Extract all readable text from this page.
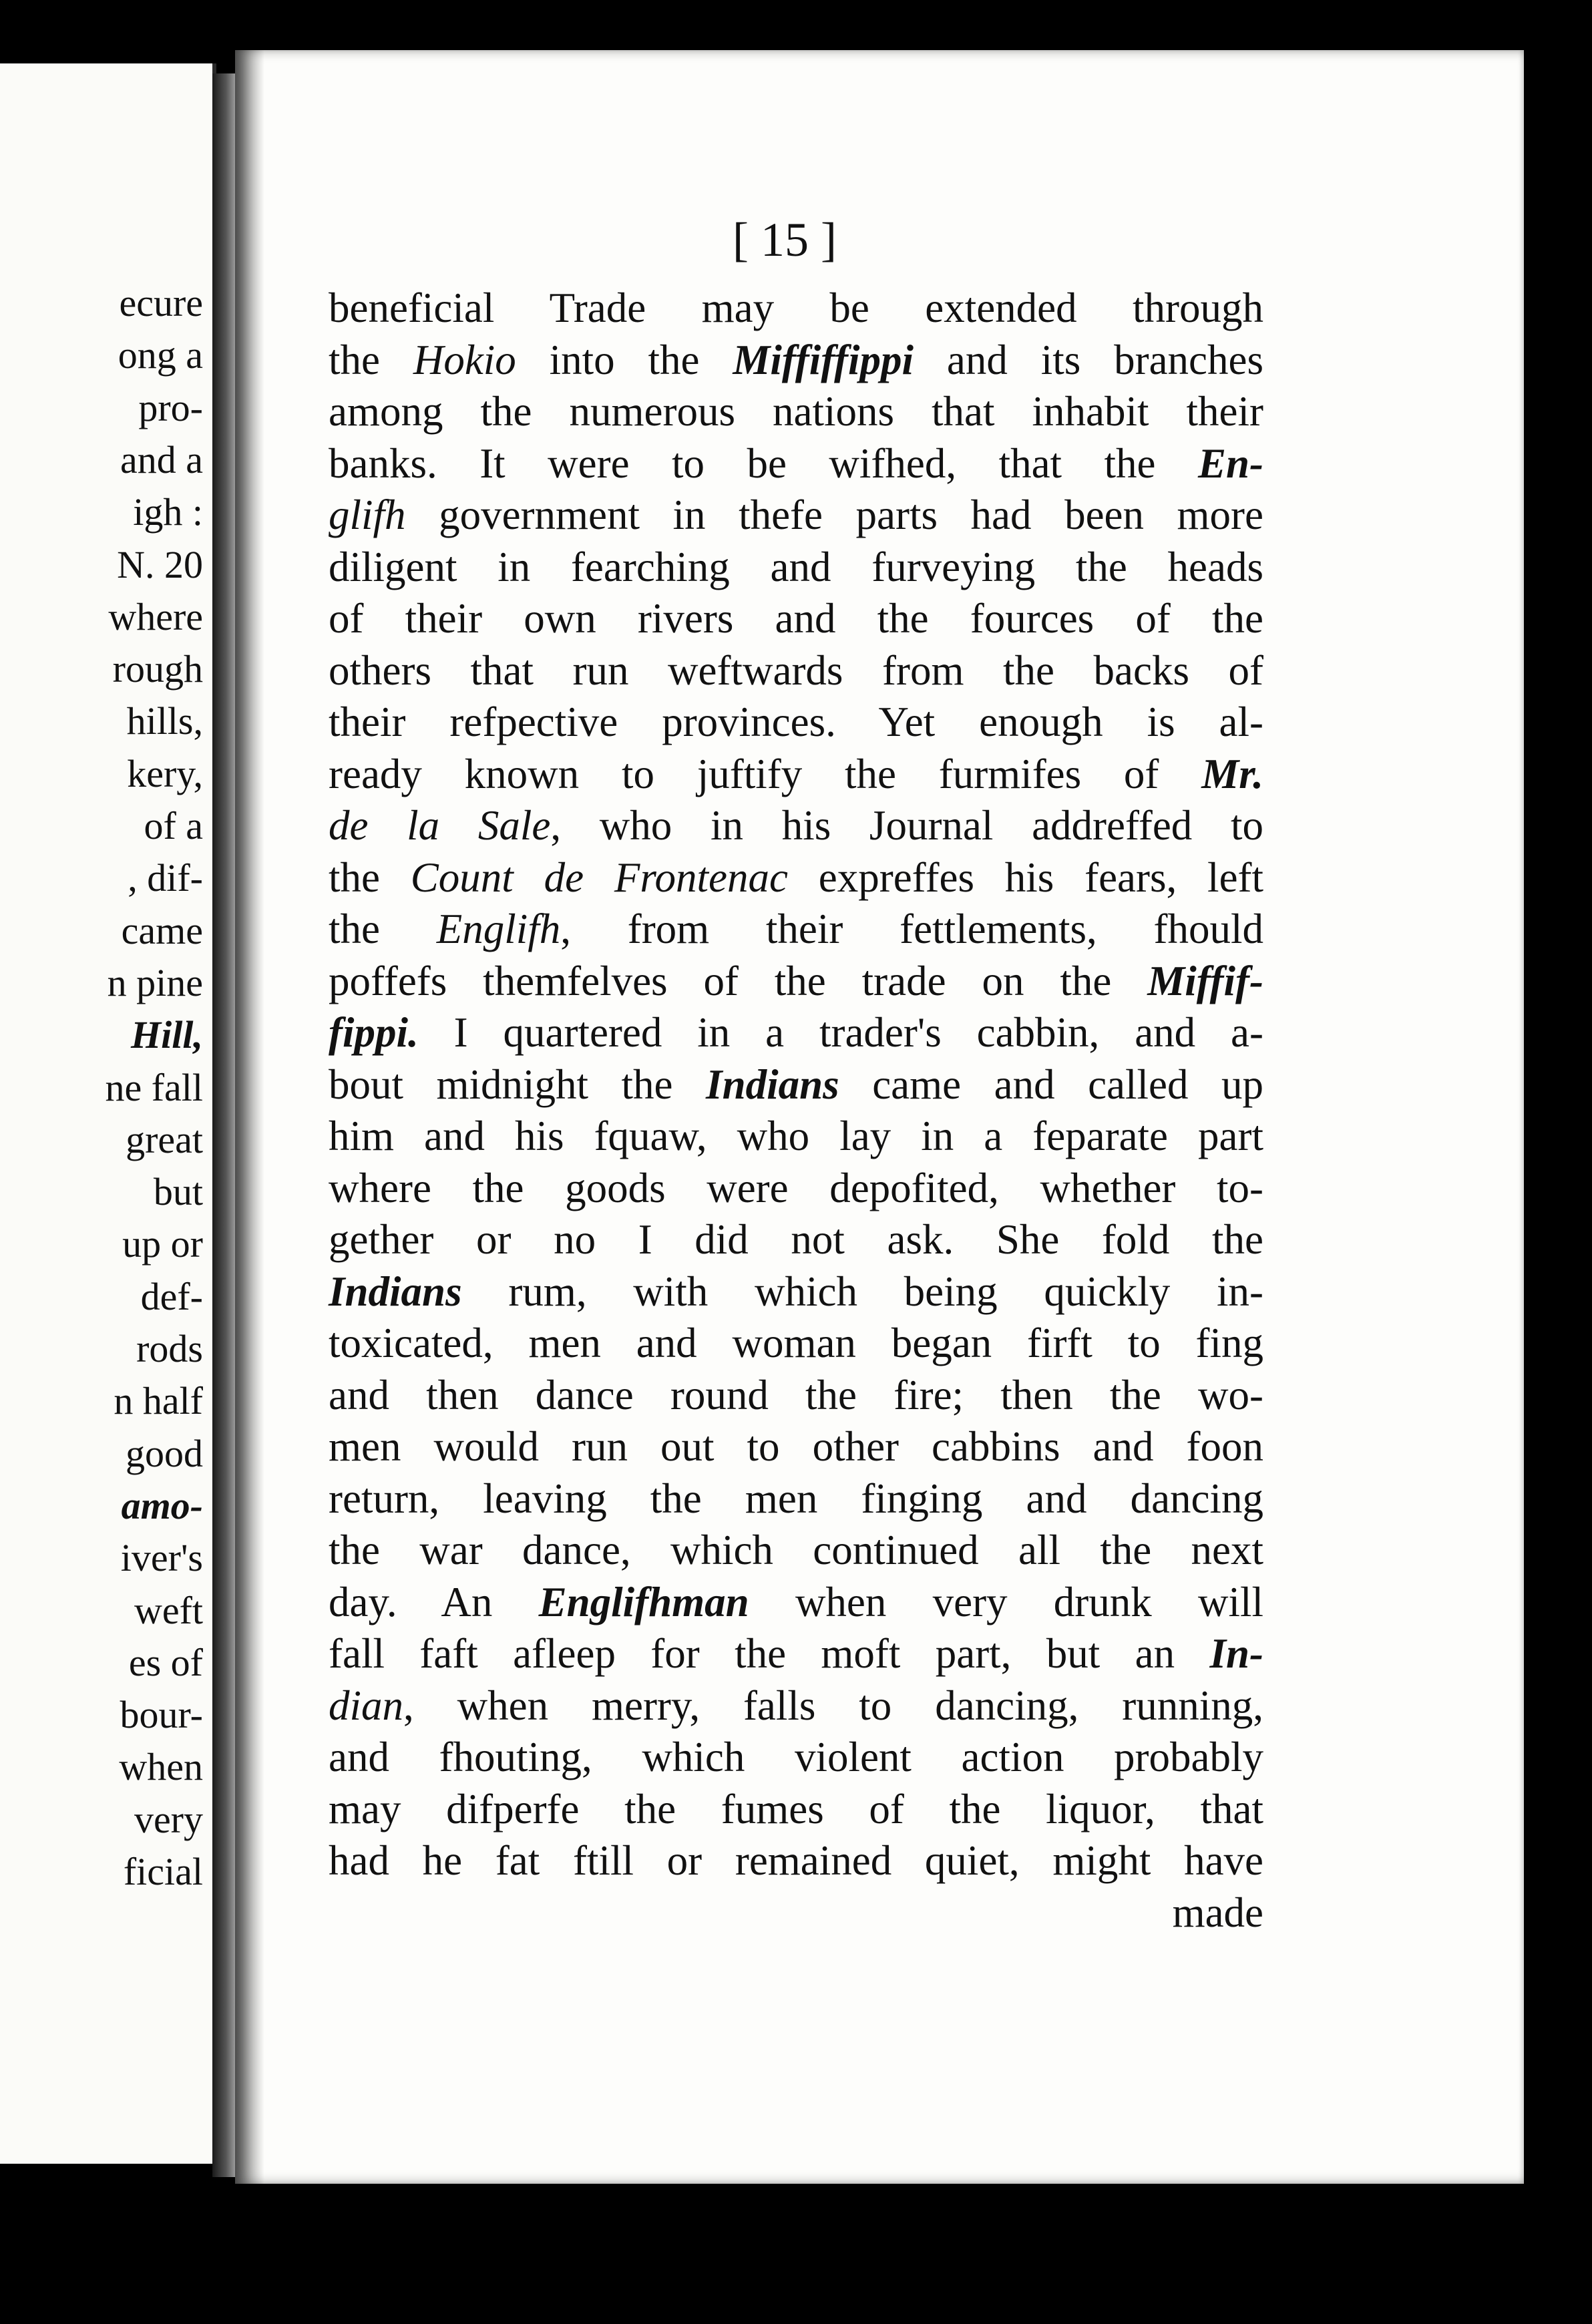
ecure
ong a
pro-
and a
igh :
N. 20
where
rough
hills,
kery,
of a
, dif-
came
n pine
Hill,
ne fall
great
but
up or
def-
rods
n half
good
amo-
iver's
weft
es of
bour-
when
very
ficial
[ 15 ]
beneficial Trade may be extended through
the Hokio into the Miffiffippi and its branches
among the numerous nations that inhabit their
banks. It were to be wifhed, that the En-
glifh government in thefe parts had been more
diligent in fearching and furveying the heads
of their own rivers and the fources of the
others that run weftwards from the backs of
their refpective provinces. Yet enough is al-
ready known to juftify the furmifes of Mr.
de la Sale, who in his Journal addreffed to
the Count de Frontenac expreffes his fears, left
the Englifh, from their fettlements, fhould
poffefs themfelves of the trade on the Miffif-
fippi. I quartered in a trader's cabbin, and a-
bout midnight the Indians came and called up
him and his fquaw, who lay in a feparate part
where the goods were depofited, whether to-
gether or no I did not ask. She fold the
Indians rum, with which being quickly in-
toxicated, men and woman began firft to fing
and then dance round the fire; then the wo-
men would run out to other cabbins and foon
return, leaving the men finging and dancing
the war dance, which continued all the next
day. An Englifhman when very drunk will
fall faft afleep for the moft part, but an In-
dian, when merry, falls to dancing, running,
and fhouting, which violent action probably
may difperfe the fumes of the liquor, that
had he fat ftill or remained quiet, might have
made
